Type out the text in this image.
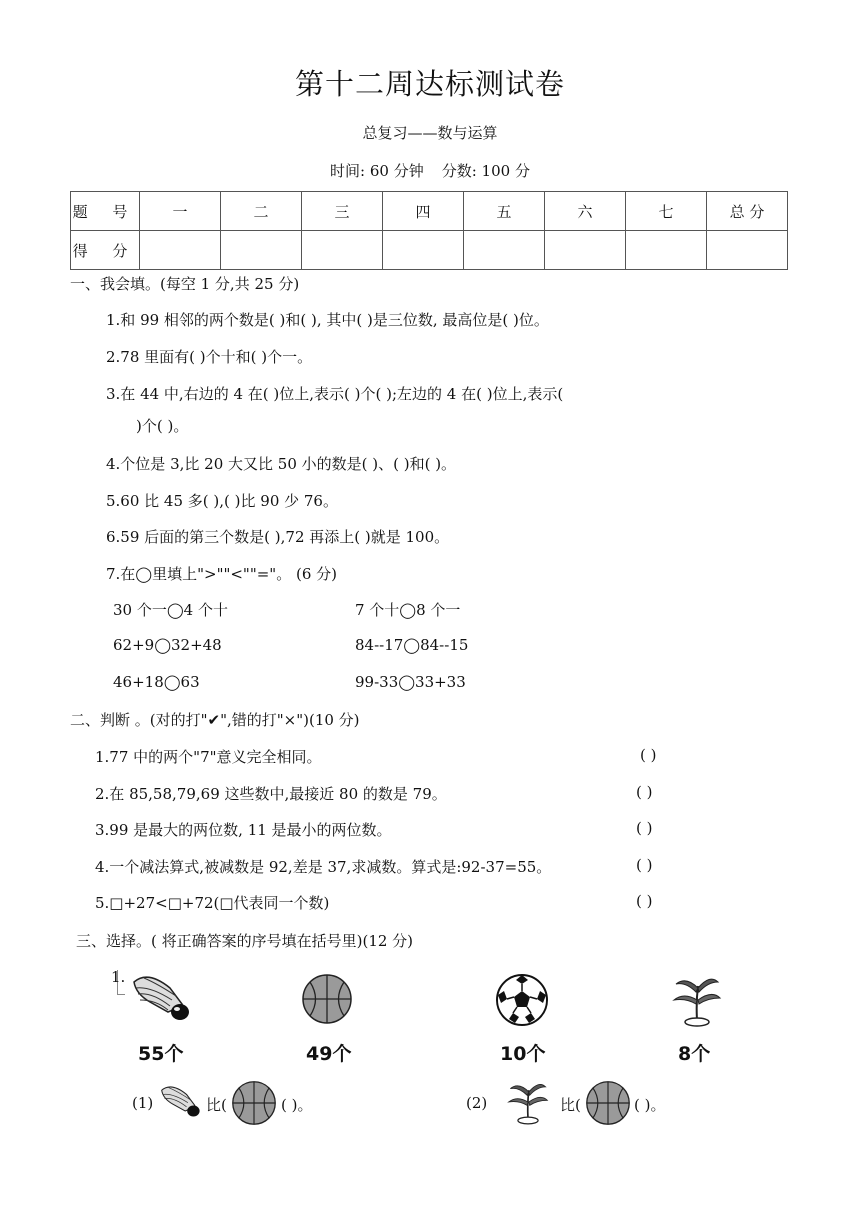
第十二周达标测试卷
总复习——数与运算
时间: 60 分钟 分数: 100 分
题 号	一	二	三	四	五	六	七	总 分
得 分								
一、我会填。(每空 1 分,共 25 分)
1.和 99 相邻的两个数是( )和( ), 其中( )是三位数, 最高位是( )位。
2.78 里面有( )个十和( )个一。
3.在 44 中,右边的 4 在( )位上,表示( )个( );左边的 4 在( )位上,表示(
)个( )。
4.个位是 3,比 20 大又比 50 小的数是( )、( )和( )。
5.60 比 45 多( ),( )比 90 少 76。
6.59 后面的第三个数是( ),72 再添上( )就是 100。
7.在◯里填上">""<""="。 (6 分)
30 个一◯4 个十	7 个十◯8 个一
62+9◯32+48	84--17◯84--15
46+18◯63	99-33◯33+33
二、判断 。(对的打"✔",错的打"×")(10 分)
1.77 中的两个"7"意义完全相同。	( )
2.在 85,58,79,69 这些数中,最接近 80 的数是 79。	( )
3.99 是最大的两位数, 11 是最小的两位数。	( )
4.一个减法算式,被减数是 92,差是 37,求减数。算式是:92-37=55。	( )
5.□+27<□+72(□代表同一个数)	( )
三、选择。( 将正确答案的序号填在括号里)(12 分)
1.
55个	49个	10个	8个
(1)	比(	( )。	(2)	比(	( )。
